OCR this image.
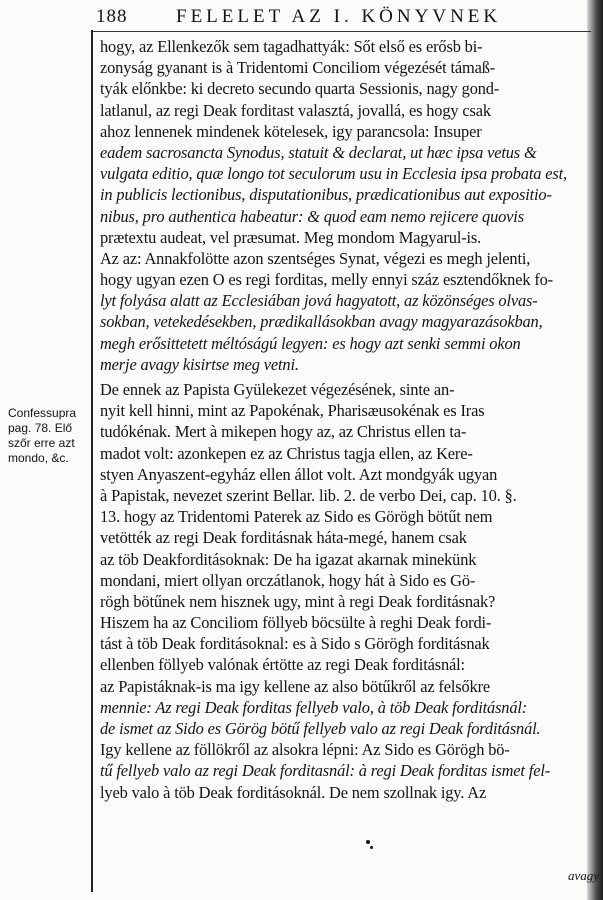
188	FELELET AZ I. KÖNYVNEK
Confessupra
pag. 78. Elő
szőr erre azt
mondo, &c.
hogy, az Ellenkezők sem tagadhattyák: Sőt első es erősb bi-
zonyság gyanant is à Tridentomi Conciliom végezését támaß-
tyák előnkbe: ki decreto secundo quarta Sessionis, nagy gond-
latlanul, az regi Deak forditast valasztá, jovallá, es hogy csak
ahoz lennenek mindenek kötelesek, igy parancsola: Insuper
eadem sacrosancta Synodus, statuit & declarat, ut hæc ipsa vetus &
vulgata editio, quæ longo tot seculorum usu in Ecclesia ipsa probata est,
in publicis lectionibus, disputationibus, prædicationibus aut expositio-
nibus, pro authentica habeatur: & quod eam nemo rejicere quovis
prætextu audeat, vel præsumat. Meg mondom Magyarul-is.
Az az: Annakfolötte azon szentséges Synat, végezi es megh jelenti,
hogy ugyan ezen O es regi forditas, melly ennyi száz esztendőknek fo-
lyt folyása alatt az Ecclesiában jová hagyatott, az közönséges olvas-
sokban, vetekedésekben, prædikallásokban avagy magyarazásokban,
megh erősittetett méltóságú legyen: es hogy azt senki semmi okon
merje avagy kisirtse meg vetni.
De ennek az Papista Gyülekezet végezésének, sinte an-
nyit kell hinni, mint az Papokénak, Pharisæusokénak es Iras
tudókénak. Mert à mikepen hogy az, az Christus ellen ta-
madot volt: azonkepen ez az Christus tagja ellen, az Kere-
styen Anyaszent-egyház ellen állot volt. Azt mondgyák ugyan
à Papistak, nevezet szerint Bellar. lib. 2. de verbo Dei, cap. 10. §.
13. hogy az Tridentomi Paterek az Sido es Görögh bötűt nem
vetötték az regi Deak forditásnak háta-megé, hanem csak
az töb Deakforditásoknak: De ha igazat akarnak minekünk
mondani, miert ollyan orczátlanok, hogy hát à Sido es Gö-
rögh bötűnek nem hisznek ugy, mint à regi Deak forditásnak?
Hiszem ha az Conciliom föllyeb böcsülte à reghi Deak fordi-
tást à töb Deak forditásoknal: es à Sido s Görögh forditásnak
ellenben föllyeb valónak értötte az regi Deak forditásnál:
az Papistáknak-is ma igy kellene az also bötűkről az felsőkre
mennie: Az regi Deak forditas fellyeb valo, à töb Deak forditásnál:
de ismet az Sido es Görög bötű fellyeb valo az regi Deak forditásnál.
Igy kellene az föllökről az alsokra lépni: Az Sido es Görögh bö-
tű fellyeb valo az regi Deak forditasnál: à regi Deak forditas ismet fel-
lyeb valo à töb Deak forditásoknál. De nem szollnak igy. Az
avagy
